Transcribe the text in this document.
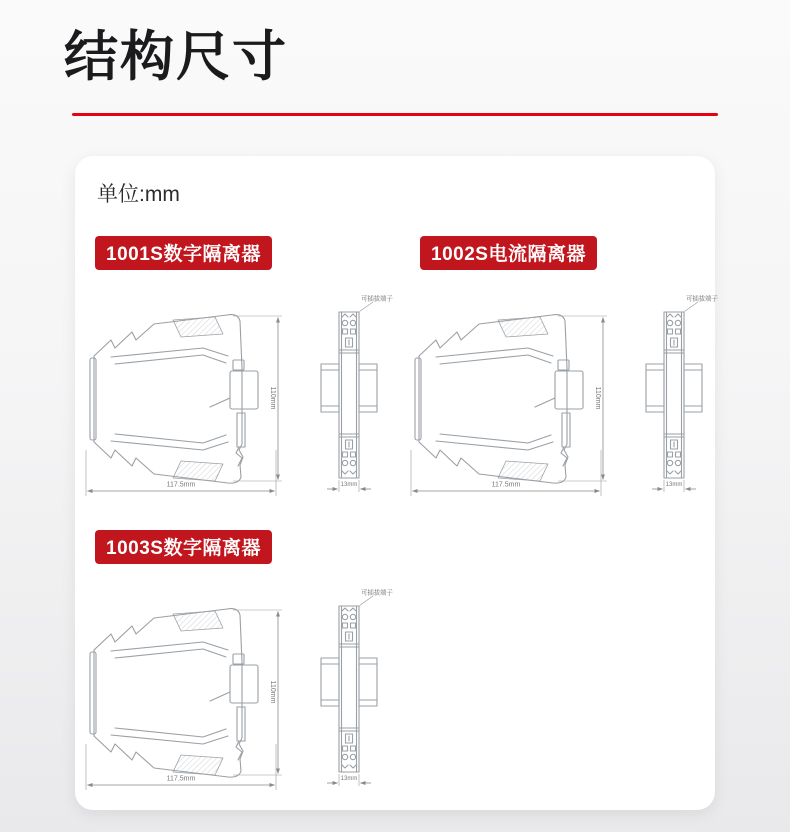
结构尺寸
单位:mm
1001S数字隔离器
117.5mm
110mm
可插拔端子
13mm
1002S电流隔离器
117.5mm
110mm
可插拔端子
13mm
1003S数字隔离器
117.5mm
110mm
可插拔端子
13mm
